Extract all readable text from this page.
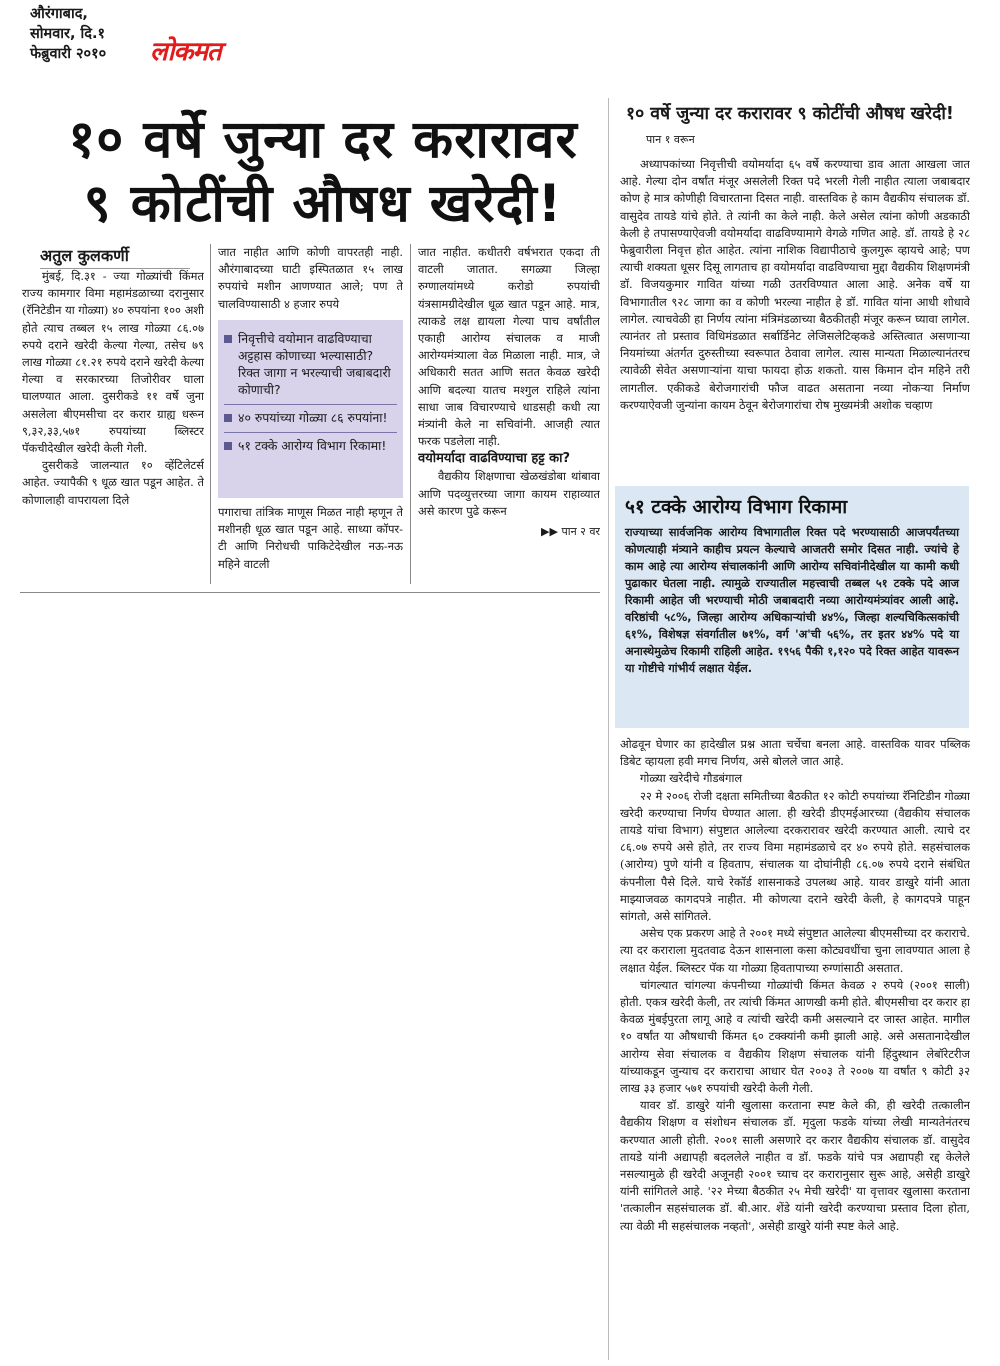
औरंगाबाद,
सोमवार, दि.१
फेब्रुवारी २०१०	लोकमत
१० वर्षे जुन्या दर करारावर
९ कोटींची औषध खरेदी!
अतुल कुलकर्णी

मुंबई, दि.३१ - ज्या गोळ्यांची किंमत राज्य कामगार विमा महामंडळाच्या दरानुसार (रॅनिटेडीन या गोळ्या) ४० रुपयांना १०० अशी होते त्याच तब्बल १५ लाख गोळ्या ८६.०७ रुपये दराने खरेदी केल्या गेल्या, तसेच ७९ लाख गोळ्या ८१.२१ रुपये दराने खरेदी केल्या गेल्या व सरकारच्या तिजोरीवर घाला घालण्यात आला. दुसरीकडे ११ वर्षे जुना असलेला बीएमसीचा दर करार ग्राह्य धरून ९,३२,३३,५७१ रुपयांच्या ब्लिस्टर पॅकचीदेखील खरेदी केली गेली.

दुसरीकडे जालन्यात १० व्हेंटिलेटर्स आहेत. ज्यापैकी ९ धूळ खात पडून आहेत. ते कोणालाही वापरायला दिले

जात नाहीत आणि कोणी वापरतही नाही. औरंगाबादच्या घाटी इस्पितळात १५ लाख रुपयांचे मशीन आणण्यात आले; पण ते चालविण्यासाठी ४ हजार रुपये

निवृत्तीचे वयोमान वाढविण्याचा अट्टहास कोणाच्या भल्यासाठी? रिक्त जागा न भरल्याची जबाबदारी कोणाची?
४० रुपयांच्या गोळ्या ८६ रुपयांना!
५१ टक्के आरोग्य विभाग रिकामा!

पगाराचा तांत्रिक माणूस मिळत नाही म्हणून ते मशीनही धूळ खात पडून आहे. साध्या कॉपर-टी आणि निरोधची पाकिटेदेखील नऊ-नऊ महिने वाटली

जात नाहीत. कधीतरी वर्षभरात एकदा ती वाटली जातात. सगळ्या जिल्हा रुग्णालयांमध्ये करोडो रुपयांची यंत्रसामग्रीदेखील धूळ खात पडून आहे. मात्र, त्याकडे लक्ष द्यायला गेल्या पाच वर्षांतील एकाही आरोग्य संचालक व माजी आरोग्यमंत्र्याला वेळ मिळाला नाही. मात्र, जे अधिकारी सतत आणि सतत केवळ खरेदी आणि बदल्या यातच मश्गुल राहिले त्यांना साधा जाब विचारण्याचे धाडसही कधी त्या मंत्र्यांनी केले ना सचिवांनी. आजही त्यात फरक पडलेला नाही.

वयोमर्यादा वाढविण्याचा हट्ट का?

वैद्यकीय शिक्षणाचा खेळखंडोबा थांबावा आणि पदव्युत्तरच्या जागा कायम राहाव्यात असे कारण पुढे करून

▶▶ पान २ वर
१० वर्षे जुन्या दर करारावर ९ कोटींची औषध खरेदी! पान १ वरून

अध्यापकांच्या निवृत्तीची वयोमर्यादा ६५ वर्षे करण्याचा डाव आता आखला जात आहे. गेल्या दोन वर्षांत मंजूर असलेली रिक्त पदे भरली गेली नाहीत त्याला जबाबदार कोण हे मात्र कोणीही विचारताना दिसत नाही. वास्तविक हे काम वैद्यकीय संचालक डॉ. वासुदेव तायडे यांचे होते. ते त्यांनी का केले नाही. केले असेल त्यांना कोणी अडकाठी केली हे तपासण्याऐवजी वयोमर्यादा वाढविण्यामागे वेगळे गणित आहे. डॉ. तायडे हे २८ फेब्रुवारीला निवृत्त होत आहेत. त्यांना नाशिक विद्यापीठाचे कुलगुरू व्हायचे आहे; पण त्याची शक्यता धूसर दिसू लागताच हा वयोमर्यादा वाढविण्याचा मुद्दा वैद्यकीय शिक्षणमंत्री डॉ. विजयकुमार गावित यांच्या गळी उतरविण्यात आला आहे. अनेक वर्षे या विभागातील ९२८ जागा का व कोणी भरल्या नाहीत हे डॉ. गावित यांना आधी शोधावे लागेल. त्याचवेळी हा निर्णय त्यांना मंत्रिमंडळाच्या बैठकीतही मंजूर करून घ्यावा लागेल. त्यानंतर तो प्रस्ताव विधिमंडळात सर्बार्डिनेट लेजिसलेटिव्हकडे अस्तित्वात असणाऱ्या नियमांच्या अंतर्गत दुरुस्तीच्या स्वरूपात ठेवावा लागेल. त्यास मान्यता मिळाल्यानंतरच त्यावेळी सेवेत असणाऱ्यांना याचा फायदा होऊ शकतो. यास किमान दोन महिने तरी लागतील. एकीकडे बेरोजगारांची फौज वाढत असताना नव्या नोकऱ्या निर्माण करण्याऐवजी जुन्यांना कायम ठेवून बेरोजगारांचा रोष मुख्यमंत्री अशोक चव्हाण

५१ टक्के आरोग्य विभाग रिकामा

राज्याच्या सार्वजनिक आरोग्य विभागातील रिक्त पदे भरण्यासाठी आजपर्यंतच्या कोणत्याही मंत्र्याने काहीच प्रयत्न केल्याचे आजतरी समोर दिसत नाही. ज्यांचे हे काम आहे त्या आरोग्य संचालकांनी आणि आरोग्य सचिवांनीदेखील या कामी कधी पुढाकार घेतला नाही. त्यामुळे राज्यातील महत्त्वाची तब्बल ५१ टक्के पदे आज रिकामी आहेत जी भरण्याची मोठी जबाबदारी नव्या आरोग्यमंत्र्यांवर आली आहे. वरिष्ठांची ५८%, जिल्हा आरोग्य अधिकाऱ्यांची ४४%, जिल्हा शल्यचिकित्सकांची ६१%, विशेषज्ञ संवर्गातील ७१%, वर्ग 'अ'ची ५६%, तर इतर ४४% पदे या अनास्थेमुळेच रिकामी राहिली आहेत. १९५६ पैकी १,१२० पदे रिक्त आहेत यावरून या गोष्टीचे गांभीर्य लक्षात येईल.

ओढवून घेणार का हादेखील प्रश्न आता चर्चेचा बनला आहे. वास्तविक यावर पब्लिक डिबेट व्हायला हवी मगच निर्णय, असे बोलले जात आहे.

गोळ्या खरेदीचे गौडबंगाल

२२ मे २००६ रोजी दक्षता समितीच्या बैठकीत १२ कोटी रुपयांच्या रॅनिटिडीन गोळ्या खरेदी करण्याचा निर्णय घेण्यात आला. ही खरेदी डीएमईआरच्या (वैद्यकीय संचालक तायडे यांचा विभाग) संपुष्टात आलेल्या दरकरारावर खरेदी करण्यात आली. त्याचे दर ८६.०७ रुपये असे होते, तर राज्य विमा महामंडळाचे दर ४० रुपये होते. सहसंचालक (आरोग्य) पुणे यांनी व हिवताप, संचालक या दोघांनीही ८६.०७ रुपये दराने संबंधित कंपनीला पैसे दिले. याचे रेकॉर्ड शासनाकडे उपलब्ध आहे. यावर डाखुरे यांनी आता माझ्याजवळ कागदपत्रे नाहीत. मी कोणत्या दराने खरेदी केली, हे कागदपत्रे पाहून सांगतो, असे सांगितले.

असेच एक प्रकरण आहे ते २००१ मध्ये संपुष्टात आलेल्या बीएमसीच्या दर कराराचे. त्या दर कराराला मुदतवाढ देऊन शासनाला कसा कोट्यवधींचा चुना लावण्यात आला हे लक्षात येईल. ब्लिस्टर पॅक या गोळ्या हिवतापाच्या रुग्णांसाठी असतात.

चांगल्यात चांगल्या कंपनीच्या गोळ्यांची किंमत केवळ २ रुपये (२००१ साली) होती. एकत्र खरेदी केली, तर त्यांची किंमत आणखी कमी होते. बीएमसीचा दर करार हा केवळ मुंबईपुरता लागू आहे व त्यांची खरेदी कमी असल्याने दर जास्त आहेत. मागील १० वर्षांत या औषधाची किंमत ६० टक्क्यांनी कमी झाली आहे. असे असतानादेखील आरोग्य सेवा संचालक व वैद्यकीय शिक्षण संचालक यांनी हिंदुस्थान लेबॉरेटरीज यांच्याकडून जुन्याच दर कराराचा आधार घेत २००३ ते २००७ या वर्षांत ९ कोटी ३२ लाख ३३ हजार ५७१ रुपयांची खरेदी केली गेली.

यावर डॉ. डाखुरे यांनी खुलासा करताना स्पष्ट केले की, ही खरेदी तत्कालीन वैद्यकीय शिक्षण व संशोधन संचालक डॉ. मृदुला फडके यांच्या लेखी मान्यतेनंतरच करण्यात आली होती. २००१ साली असणारे दर करार वैद्यकीय संचालक डॉ. वासुदेव तायडे यांनी अद्यापही बदललेले नाहीत व डॉ. फडके यांचे पत्र अद्यापही रद्द केलेले नसल्यामुळे ही खरेदी अजूनही २००१ च्याच दर करारानुसार सुरू आहे, असेही डाखुरे यांनी सांगितले आहे. '२२ मेच्या बैठकीत २५ मेची खरेदी' या वृत्तावर खुलासा करताना 'तत्कालीन सहसंचालक डॉ. बी.आर. शेंडे यांनी खरेदी करण्याचा प्रस्ताव दिला होता, त्या वेळी मी सहसंचालक नव्हतो', असेही डाखुरे यांनी स्पष्ट केले आहे.
